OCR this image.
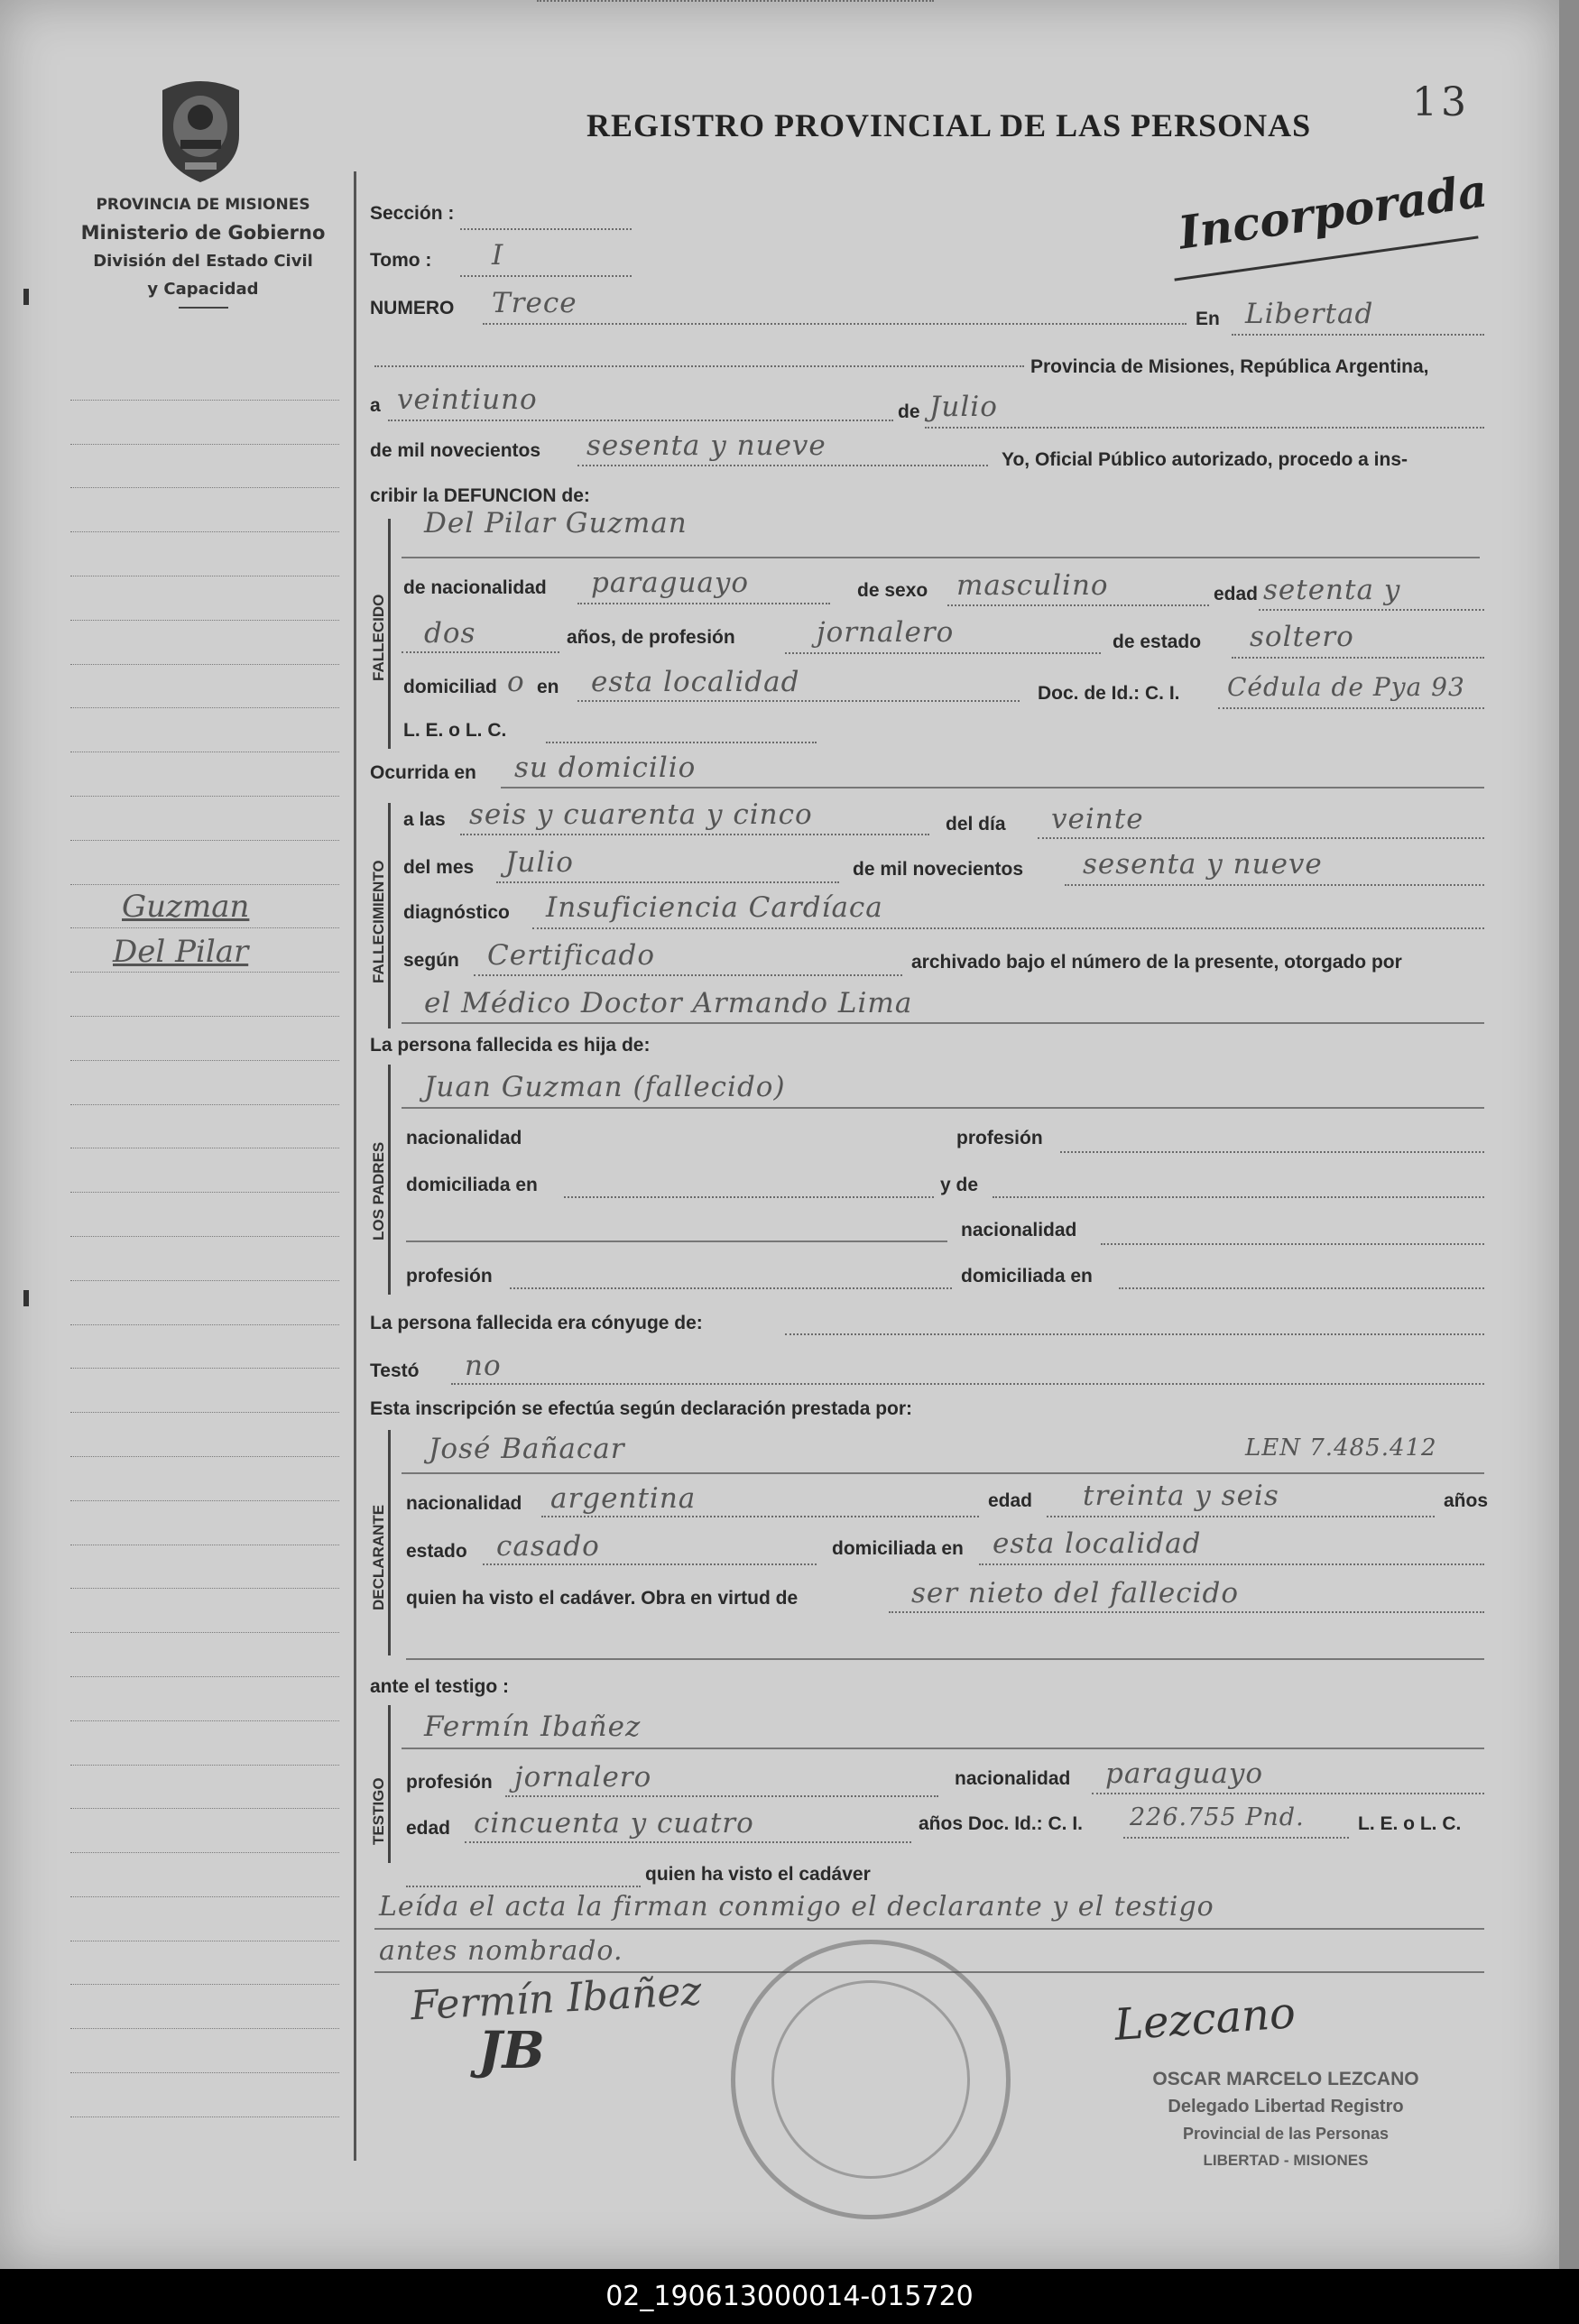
13
REGISTRO PROVINCIAL DE LAS PERSONAS
Incorporada
PROVINCIA DE MISIONES
Ministerio de Gobierno
División del Estado Civil
y Capacidad
Guzman
Del Pilar
Sección :
Tomo : I
NUMERO Trece	En Libertad
Provincia de Misiones, República Argentina,
a veintiuno	de Julio
de mil novecientos sesenta y nueve	Yo, Oficial Público autorizado, procedo a ins-
cribir la DEFUNCION de:
FALLECIDO
Del Pilar Guzman
de nacionalidad paraguayo	de sexo masculino	edad setenta y
dos	años, de profesión	jornalero	de estado soltero
domiciliad o en esta localidad	Doc. de Id.: C. I. Cédula de Pya 93
L. E. o L. C.
Ocurrida en su domicilio
FALLECIMIENTO
a las seis y cuarenta y cinco	del día veinte
del mes Julio	de mil novecientos sesenta y nueve
diagnóstico Insuficiencia Cardíaca
según Certificado	archivado bajo el número de la presente, otorgado por
el Médico Doctor Armando Lima
La persona fallecida es hija de:
LOS PADRES
Juan Guzman (fallecido)
nacionalidad	profesión
domiciliada en	y de
nacionalidad
profesión	domiciliada en
La persona fallecida era cónyuge de:
Testó no
Esta inscripción se efectúa según declaración prestada por:
DECLARANTE
José Bañacar	LEN 7.485.412
nacionalidad argentina	edad treinta y seis	años
estado casado	domiciliada en esta localidad
quien ha visto el cadáver. Obra en virtud de	ser nieto del fallecido
ante el testigo :
TESTIGO
Fermín Ibañez
profesión jornalero	nacionalidad paraguayo
edad cincuenta y cuatro	años Doc. Id.: C. I. 226.755 Pnd.	L. E. o L. C.
quien ha visto el cadáver
Leída el acta la firman conmigo el declarante y el testigo
antes nombrado.
Fermín Ibañez
JB
Lezcano
OSCAR MARCELO LEZCANO
Delegado Libertad Registro
Provincial de las Personas
LIBERTAD - MISIONES
02_190613000014-015720
